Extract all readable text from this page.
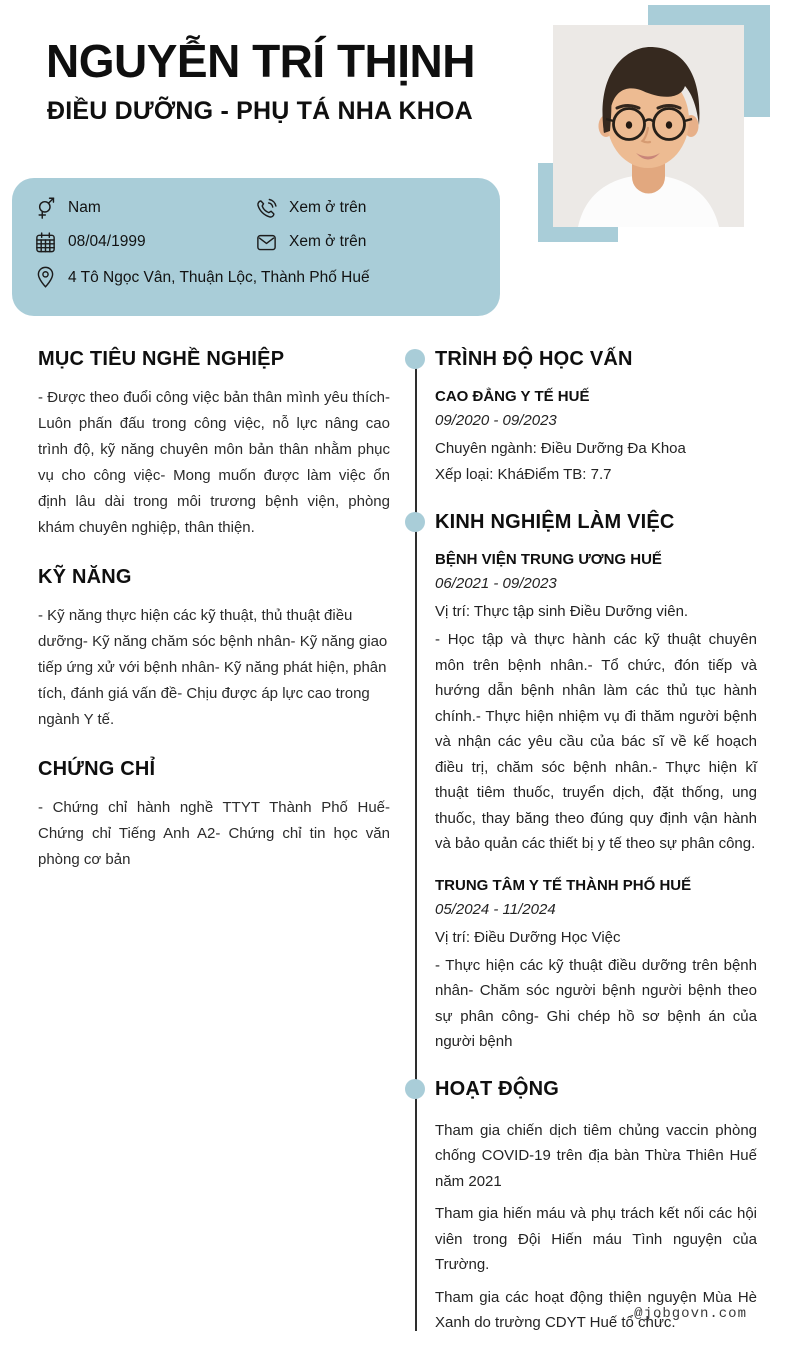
NGUYỄN TRÍ THỊNH
ĐIỀU DƯỠNG - PHỤ TÁ NHA KHOA
Nam	Xem ở trên
08/04/1999	Xem ở trên
4 Tô Ngọc Vân, Thuận Lộc, Thành Phố Huế
MỤC TIÊU NGHỀ NGHIỆP

- Được theo đuổi công việc bản thân mình yêu thích- Luôn phấn đấu trong công việc, nỗ lực nâng cao trình độ, kỹ năng chuyên môn bản thân nhằm phục vụ cho công việc- Mong muốn được làm việc ổn định lâu dài trong môi trương bệnh viện, phòng khám chuyên nghiệp, thân thiện.

KỸ NĂNG

- Kỹ năng thực hiện các kỹ thuật, thủ thuật điều dưỡng- Kỹ năng chăm sóc bệnh nhân- Kỹ năng giao tiếp ứng xử với bệnh nhân- Kỹ năng phát hiện, phân tích, đánh giá vấn đề- Chịu được áp lực cao trong ngành Y tế.

CHỨNG CHỈ

- Chứng chỉ hành nghề TTYT Thành Phố Huế- Chứng chỉ Tiếng Anh A2- Chứng chỉ tin học văn phòng cơ bản

TRÌNH ĐỘ HỌC VẤN

CAO ĐẲNG Y TẾ HUẾ

09/2020 - 09/2023

Chuyên ngành: Điều Dưỡng Đa Khoa

Xếp loại: KháĐiểm TB: 7.7

KINH NGHIỆM LÀM VIỆC

BỆNH VIỆN TRUNG ƯƠNG HUẾ

06/2021 - 09/2023

Vị trí: Thực tập sinh Điều Dưỡng viên.

- Học tập và thực hành các kỹ thuật chuyên môn trên bệnh nhân.- Tổ chức, đón tiếp và hướng dẫn bệnh nhân làm các thủ tục hành chính.- Thực hiện nhiệm vụ đi thăm người bệnh và nhận các yêu cầu của bác sĩ về kế hoạch điều trị, chăm sóc bệnh nhân.- Thực hiện kĩ thuật tiêm thuốc, truyển dịch, đặt thống, ung thuốc, thay băng theo đúng quy định vận hành và bảo quản các thiết bị y tế theo sự phân công.

TRUNG TÂM Y TẾ THÀNH PHỐ HUẾ

05/2024 - 11/2024

Vị trí: Điều Dưỡng Học Việc

- Thực hiện các kỹ thuật điều dưỡng trên bệnh nhân- Chăm sóc người bệnh người bệnh theo sự phân công- Ghi chép hồ sơ bệnh án của người bệnh

HOẠT ĐỘNG

Tham gia chiến dịch tiêm chủng vaccin phòng chống COVID-19 trên địa bàn Thừa Thiên Huế năm 2021

Tham gia hiến máu và phụ trách kết nối các hội viên trong Đội Hiến máu Tình nguyện của Trường.

Tham gia các hoạt động thiện nguyện Mùa Hè Xanh do trường CDYT Huế tổ chức.

@jobgovn.com
